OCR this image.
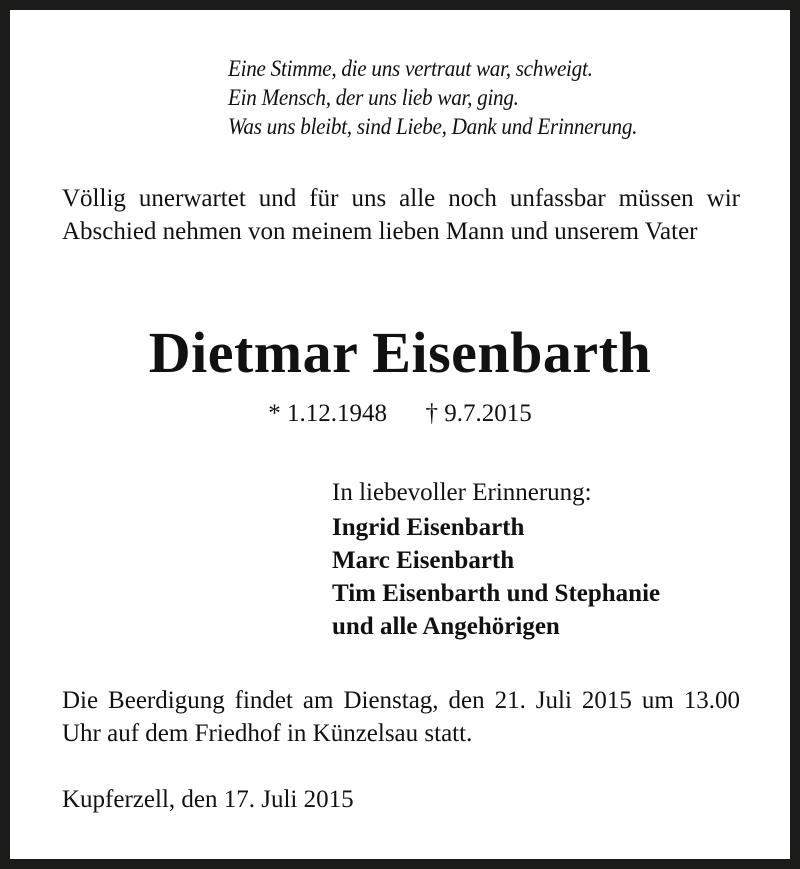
Eine Stimme, die uns vertraut war, schweigt.
Ein Mensch, der uns lieb war, ging.
Was uns bleibt, sind Liebe, Dank und Erinnerung.
Völlig unerwartet und für uns alle noch unfassbar müssen wir Abschied nehmen von meinem lieben Mann und unserem Vater
Dietmar Eisenbarth
* 1.12.1948 † 9.7.2015
In liebevoller Erinnerung:
Ingrid Eisenbarth
Marc Eisenbarth
Tim Eisenbarth und Stephanie
und alle Angehörigen
Die Beerdigung findet am Dienstag, den 21. Juli 2015 um 13.00 Uhr auf dem Friedhof in Künzelsau statt.
Kupferzell, den 17. Juli 2015
